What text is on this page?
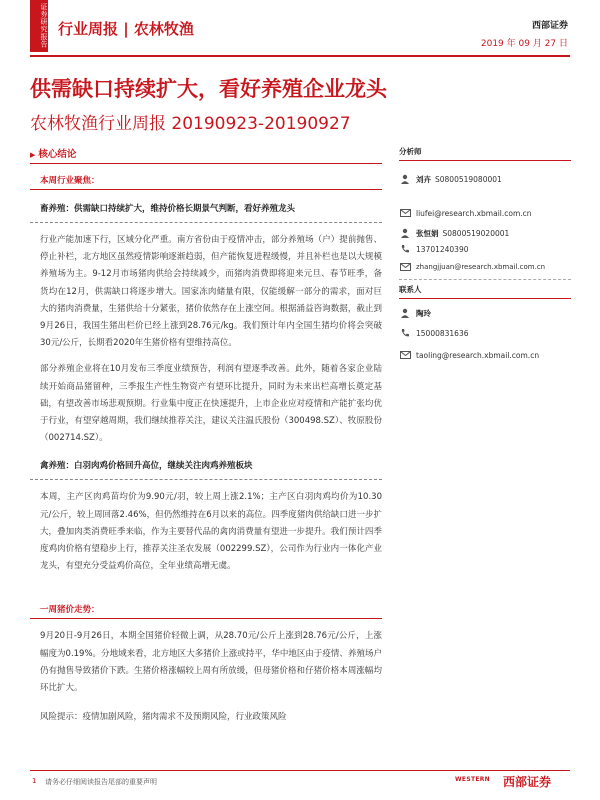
证券研究报告 行业周报 | 农林牧渔	西部证券
2019 年 09 月 27 日
供需缺口持续扩大，看好养殖企业龙头
农林牧渔行业周报 20190923-20190927
▶ 核心结论
本周行业聚焦：
畜养殖：供需缺口持续扩大，维持价格长期景气判断，看好养殖龙头
行业产能加速下行，区域分化严重。南方省份由于疫情冲击，部分养殖场（户）提前抛售、停止补栏，北方地区虽然疫情影响逐渐趋弱，但产能恢复进程缓慢，并且补栏也是以大规模养殖场为主。9-12月市场猪肉供给会持续减少，而猪肉消费即将迎来元旦、春节旺季，备货均在12月，供需缺口将逐步增大。国家冻肉储量有限，仅能缓解一部分的需求，面对巨大的猪肉消费量，生猪供给十分紧张，猪价依然存在上涨空间。根据涌益咨询数据，截止到9月26日，我国生猪出栏价已经上涨到28.76元/kg。我们预计年内全国生猪均价将会突破30元/公斤，长期看2020年生猪价格有望维持高位。
部分养殖企业将在10月发布三季度业绩预告，利润有望逐季改善。此外，随着各家企业陆续开始商品猪留种，三季报生产性生物资产有望环比提升，同时为未来出栏高增长奠定基础，有望改善市场悲观预期。行业集中度正在快速提升，上市企业应对疫情和产能扩张均优于行业，有望穿越周期，我们继续推荐关注，建议关注温氏股份（300498.SZ）、牧原股份（002714.SZ）。
禽养殖：白羽肉鸡价格回升高位，继续关注肉鸡养殖板块
本周，主产区肉鸡苗均价为9.90元/羽，较上周上涨2.1%；主产区白羽肉鸡均价为10.30元/公斤，较上周回落2.46%，但仍然维持在6月以来的高位。四季度猪肉供给缺口进一步扩大，叠加肉类消费旺季来临，作为主要替代品的禽肉消费量有望进一步提升。我们预计四季度鸡肉价格有望稳步上行，推荐关注圣农发展（002299.SZ），公司作为行业内一体化产业龙头，有望充分受益鸡价高位，全年业绩高增无虞。
一周猪价走势：
9月20日-9月26日，本期全国猪价轻微上调，从28.70元/公斤上涨到28.76元/公斤，上涨幅度为0.19%。分地域来看，北方地区大多猪价上涨或持平，华中地区由于疫情、养殖场户仍有抛售导致猪价下跌。生猪价格涨幅较上周有所放缓，但母猪价格和仔猪价格本周涨幅均环比扩大。
风险提示：疫情加剧风险，猪肉需求不及预期风险，行业政策风险
分析师
刘卉 S0800519080001
liufei@research.xbmail.com.cn
张恒娟 S0800519020001
13701240390
zhangjjuan@research.xbmail.com.cn
联系人
陶玲
15000831636
taoling@research.xbmail.com.cn
1 请务必仔细阅读报告尾部的重要声明	WESTERN 西部证券
